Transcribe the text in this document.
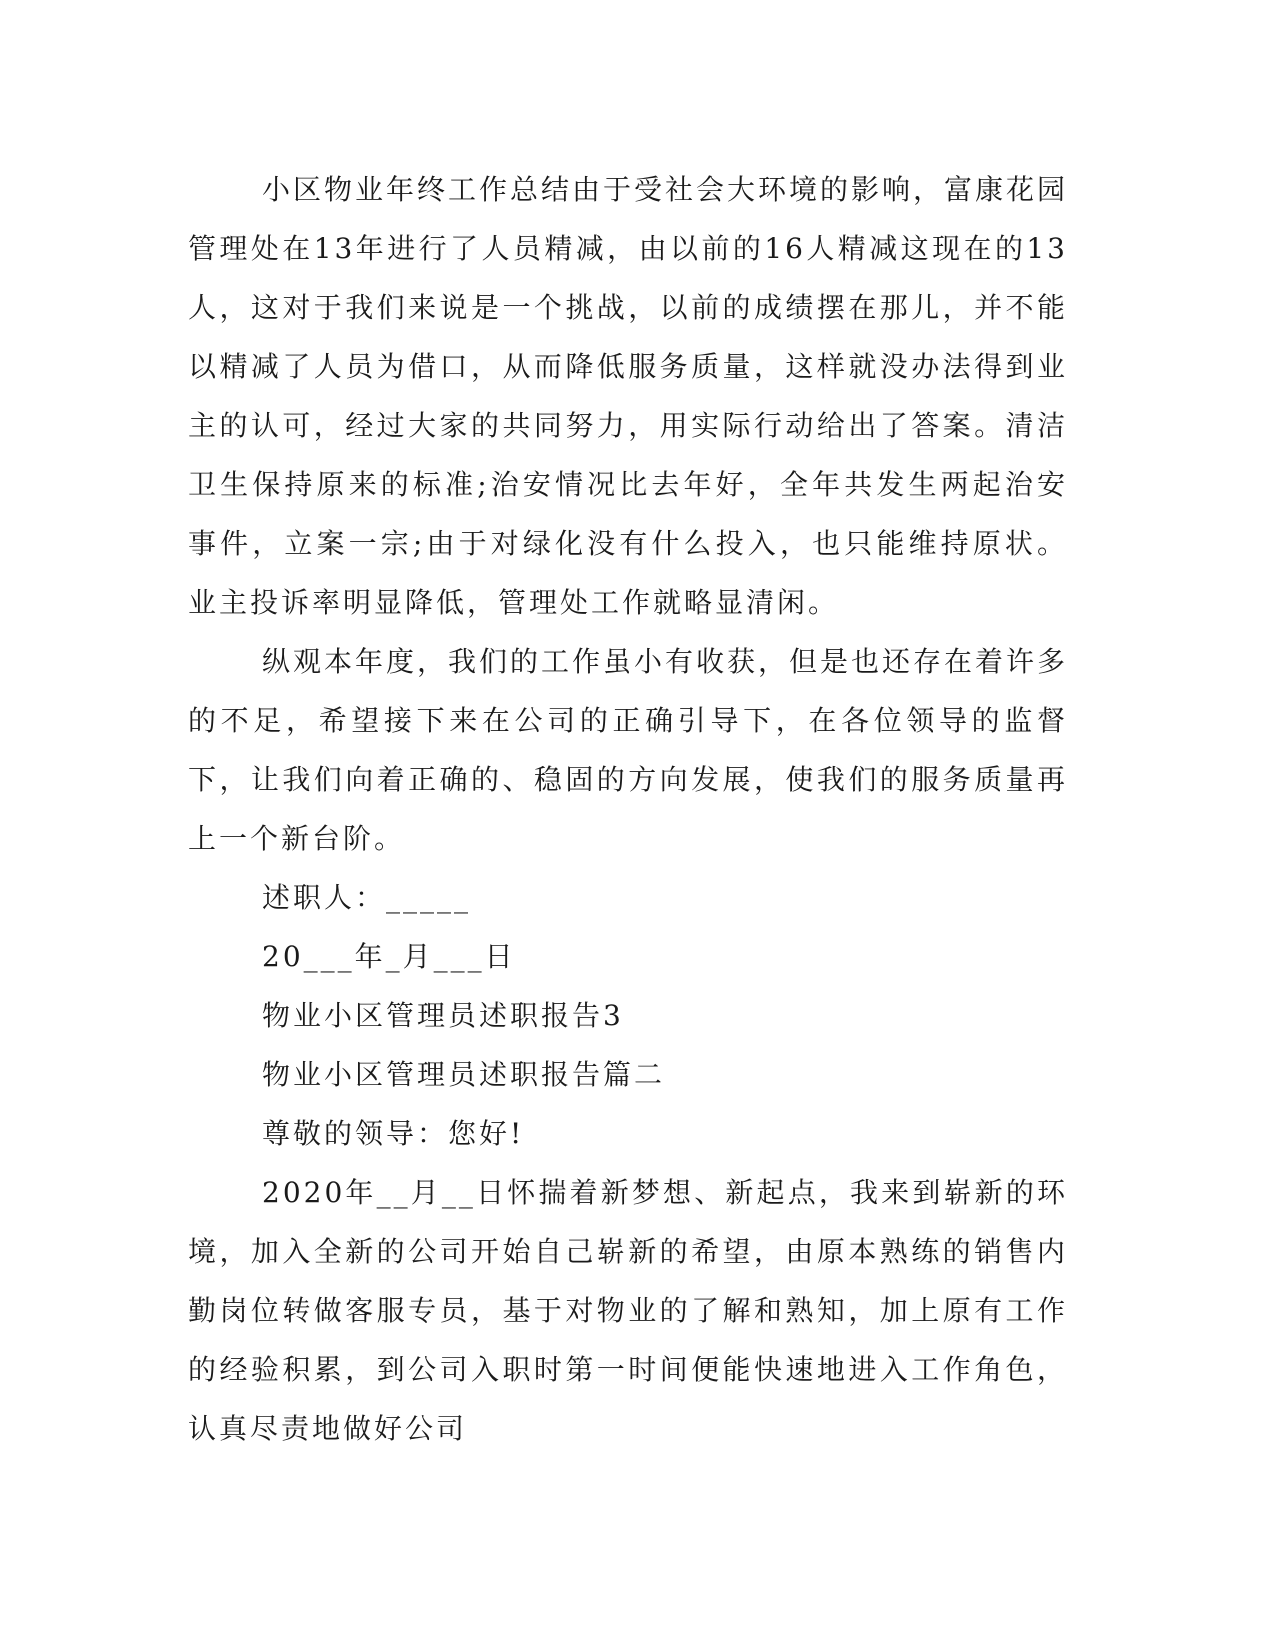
小区物业年终工作总结由于受社会大环境的影响，富康花园管理处在13年进行了人员精减，由以前的16人精减这现在的13人，这对于我们来说是一个挑战，以前的成绩摆在那儿，并不能以精减了人员为借口，从而降低服务质量，这样就没办法得到业主的认可，经过大家的共同努力，用实际行动给出了答案。清洁卫生保持原来的标准;治安情况比去年好，全年共发生两起治安事件，立案一宗;由于对绿化没有什么投入，也只能维持原状。业主投诉率明显降低，管理处工作就略显清闲。

纵观本年度，我们的工作虽小有收获，但是也还存在着许多的不足，希望接下来在公司的正确引导下，在各位领导的监督下，让我们向着正确的、稳固的方向发展，使我们的服务质量再上一个新台阶。

述职人：_____

20___年_月___日

物业小区管理员述职报告3

物业小区管理员述职报告篇二

尊敬的领导：您好!

2020年__月__日怀揣着新梦想、新起点，我来到崭新的环境，加入全新的公司开始自己崭新的希望，由原本熟练的销售内勤岗位转做客服专员，基于对物业的了解和熟知，加上原有工作的经验积累，到公司入职时第一时间便能快速地进入工作角色，认真尽责地做好公司
